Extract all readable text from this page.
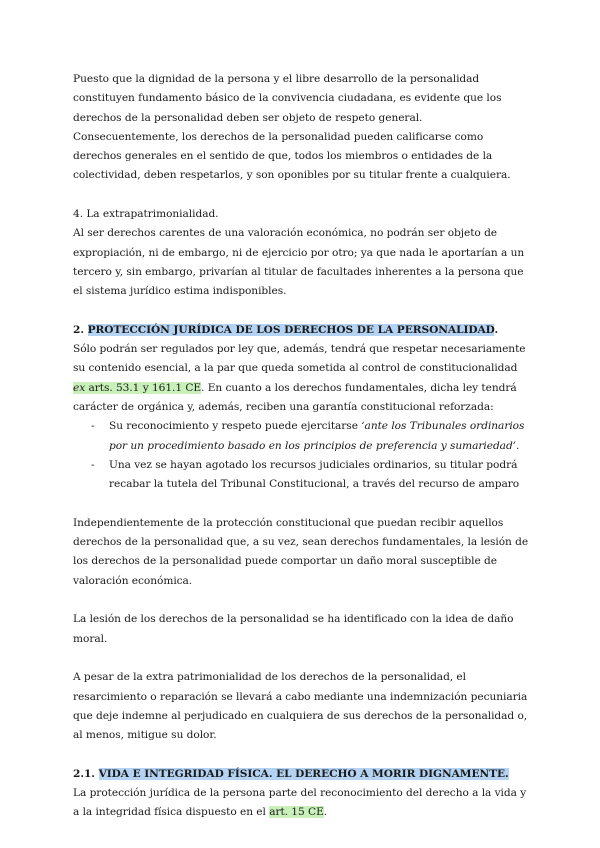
Puesto que la dignidad de la persona y el libre desarrollo de la personalidad constituyen fundamento básico de la convivencia ciudadana, es evidente que los derechos de la personalidad deben ser objeto de respeto general. Consecuentemente, los derechos de la personalidad pueden calificarse como derechos generales en el sentido de que, todos los miembros o entidades de la colectividad, deben respetarlos, y son oponibles por su titular frente a cualquiera.

4. La extrapatrimonialidad.

Al ser derechos carentes de una valoración económica, no podrán ser objeto de expropiación, ni de embargo, ni de ejercicio por otro; ya que nada le aportarían a un tercero y, sin embargo, privarían al titular de facultades inherentes a la persona que el sistema jurídico estima indisponibles.

2. PROTECCIÓN JURÍDICA DE LOS DERECHOS DE LA PERSONALIDAD.

Sólo podrán ser regulados por ley que, además, tendrá que respetar necesariamente su contenido esencial, a la par que queda sometida al control de constitucionalidad ex arts. 53.1 y 161.1 CE. En cuanto a los derechos fundamentales, dicha ley tendrá carácter de orgánica y, además, reciben una garantía constitucional reforzada:

- Su reconocimiento y respeto puede ejercitarse ‘ante los Tribunales ordinarios por un procedimiento basado en los principios de preferencia y sumariedad’.
- Una vez se hayan agotado los recursos judiciales ordinarios, su titular podrá recabar la tutela del Tribunal Constitucional, a través del recurso de amparo

Independientemente de la protección constitucional que puedan recibir aquellos derechos de la personalidad que, a su vez, sean derechos fundamentales, la lesión de los derechos de la personalidad puede comportar un daño moral susceptible de valoración económica.

La lesión de los derechos de la personalidad se ha identificado con la idea de daño moral.

A pesar de la extra patrimonialidad de los derechos de la personalidad, el resarcimiento o reparación se llevará a cabo mediante una indemnización pecuniaria que deje indemne al perjudicado en cualquiera de sus derechos de la personalidad o, al menos, mitigue su dolor.

2.1. VIDA E INTEGRIDAD FÍSICA. EL DERECHO A MORIR DIGNAMENTE.

La protección jurídica de la persona parte del reconocimiento del derecho a la vida y a la integridad física dispuesto en el art. 15 CE.
